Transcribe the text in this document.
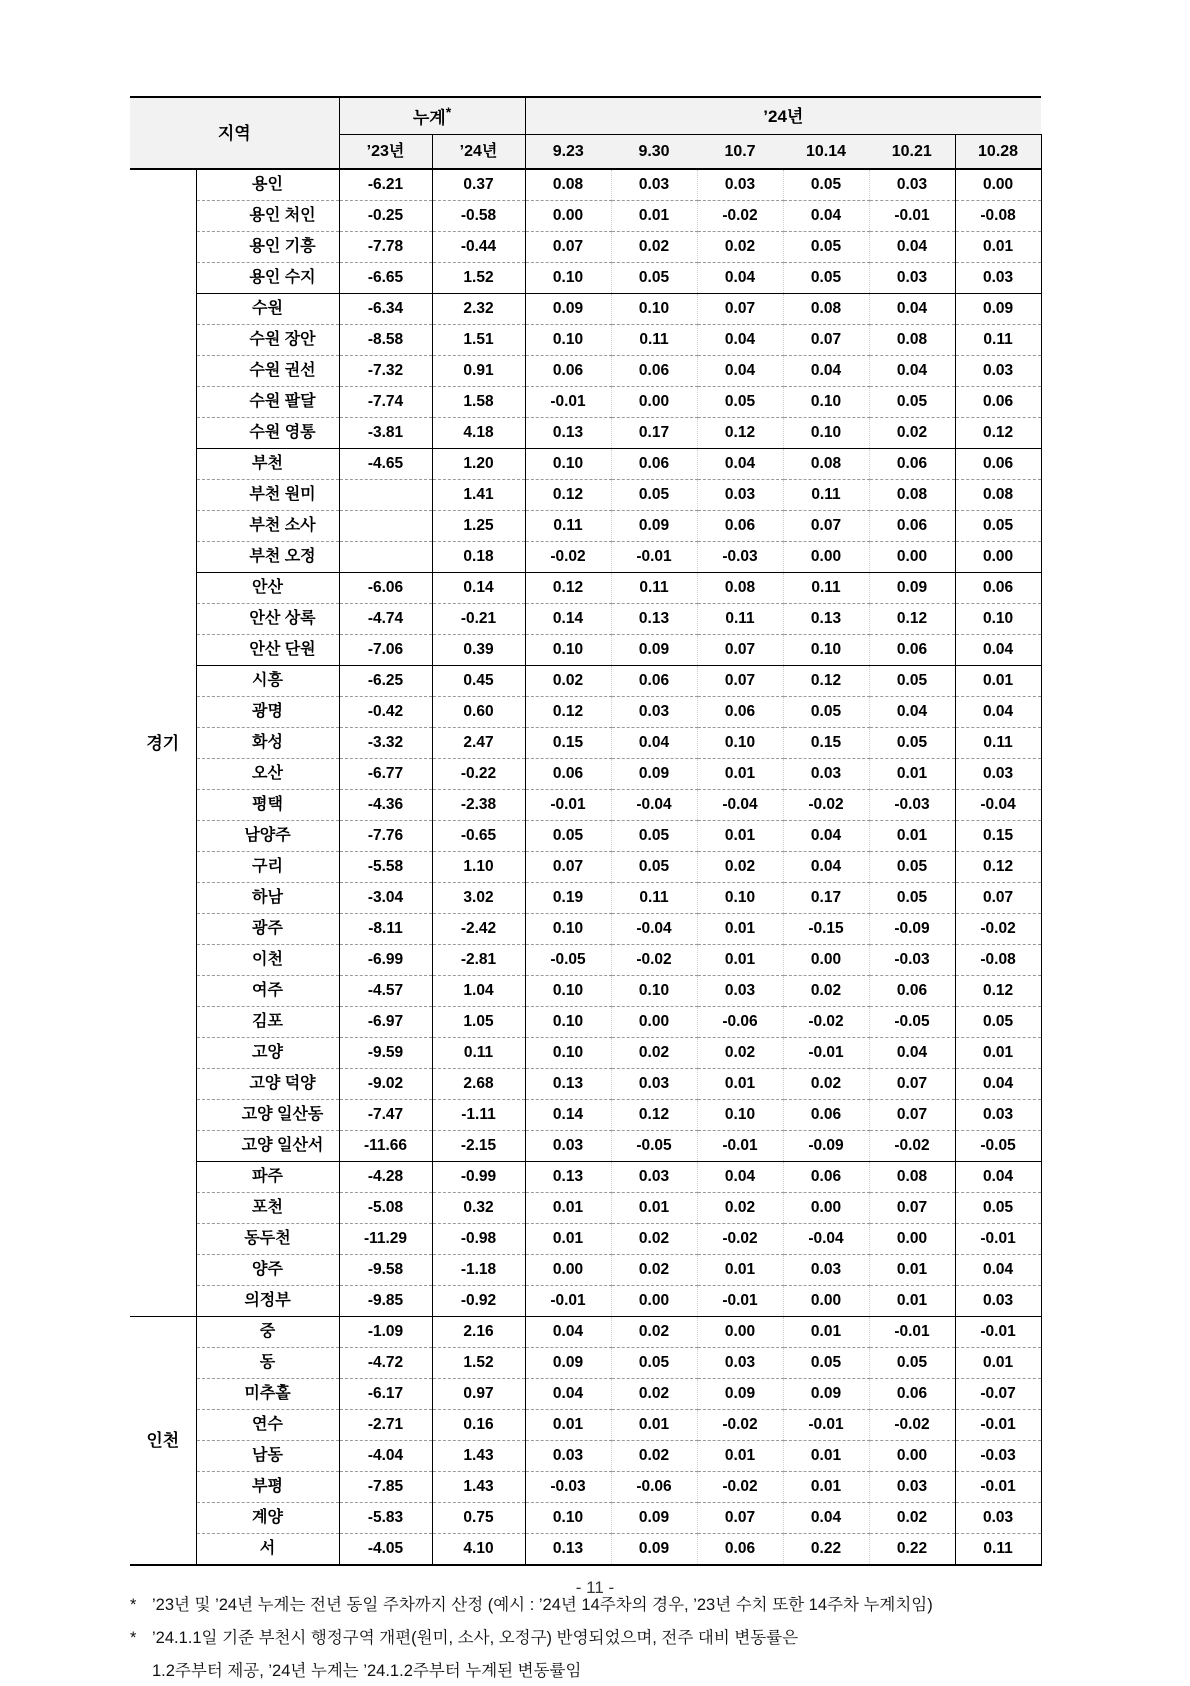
지역		누계*		’24년					
		’23년	’24년	9.23	9.30	10.7	10.14	10.21	10.28
경기	용인	-6.21	0.37	0.08	0.03	0.03	0.05	0.03	0.00
	용인 처인	-0.25	-0.58	0.00	0.01	-0.02	0.04	-0.01	-0.08
	용인 기흥	-7.78	-0.44	0.07	0.02	0.02	0.05	0.04	0.01
	용인 수지	-6.65	1.52	0.10	0.05	0.04	0.05	0.03	0.03
	수원	-6.34	2.32	0.09	0.10	0.07	0.08	0.04	0.09
	수원 장안	-8.58	1.51	0.10	0.11	0.04	0.07	0.08	0.11
	수원 권선	-7.32	0.91	0.06	0.06	0.04	0.04	0.04	0.03
	수원 팔달	-7.74	1.58	-0.01	0.00	0.05	0.10	0.05	0.06
	수원 영통	-3.81	4.18	0.13	0.17	0.12	0.10	0.02	0.12
	부천	-4.65	1.20	0.10	0.06	0.04	0.08	0.06	0.06
	부천 원미		1.41	0.12	0.05	0.03	0.11	0.08	0.08
	부천 소사		1.25	0.11	0.09	0.06	0.07	0.06	0.05
	부천 오정		0.18	-0.02	-0.01	-0.03	0.00	0.00	0.00
	안산	-6.06	0.14	0.12	0.11	0.08	0.11	0.09	0.06
	안산 상록	-4.74	-0.21	0.14	0.13	0.11	0.13	0.12	0.10
	안산 단원	-7.06	0.39	0.10	0.09	0.07	0.10	0.06	0.04
	시흥	-6.25	0.45	0.02	0.06	0.07	0.12	0.05	0.01
	광명	-0.42	0.60	0.12	0.03	0.06	0.05	0.04	0.04
	화성	-3.32	2.47	0.15	0.04	0.10	0.15	0.05	0.11
	오산	-6.77	-0.22	0.06	0.09	0.01	0.03	0.01	0.03
	평택	-4.36	-2.38	-0.01	-0.04	-0.04	-0.02	-0.03	-0.04
	남양주	-7.76	-0.65	0.05	0.05	0.01	0.04	0.01	0.15
	구리	-5.58	1.10	0.07	0.05	0.02	0.04	0.05	0.12
	하남	-3.04	3.02	0.19	0.11	0.10	0.17	0.05	0.07
	광주	-8.11	-2.42	0.10	-0.04	0.01	-0.15	-0.09	-0.02
	이천	-6.99	-2.81	-0.05	-0.02	0.01	0.00	-0.03	-0.08
	여주	-4.57	1.04	0.10	0.10	0.03	0.02	0.06	0.12
	김포	-6.97	1.05	0.10	0.00	-0.06	-0.02	-0.05	0.05
	고양	-9.59	0.11	0.10	0.02	0.02	-0.01	0.04	0.01
	고양 덕양	-9.02	2.68	0.13	0.03	0.01	0.02	0.07	0.04
	고양 일산동	-7.47	-1.11	0.14	0.12	0.10	0.06	0.07	0.03
	고양 일산서	-11.66	-2.15	0.03	-0.05	-0.01	-0.09	-0.02	-0.05
	파주	-4.28	-0.99	0.13	0.03	0.04	0.06	0.08	0.04
	포천	-5.08	0.32	0.01	0.01	0.02	0.00	0.07	0.05
	동두천	-11.29	-0.98	0.01	0.02	-0.02	-0.04	0.00	-0.01
	양주	-9.58	-1.18	0.00	0.02	0.01	0.03	0.01	0.04
	의정부	-9.85	-0.92	-0.01	0.00	-0.01	0.00	0.01	0.03
인천	중	-1.09	2.16	0.04	0.02	0.00	0.01	-0.01	-0.01
	동	-4.72	1.52	0.09	0.05	0.03	0.05	0.05	0.01
	미추홀	-6.17	0.97	0.04	0.02	0.09	0.09	0.06	-0.07
	연수	-2.71	0.16	0.01	0.01	-0.02	-0.01	-0.02	-0.01
	남동	-4.04	1.43	0.03	0.02	0.01	0.01	0.00	-0.03
	부평	-7.85	1.43	-0.03	-0.06	-0.02	0.01	0.03	-0.01
	계양	-5.83	0.75	0.10	0.09	0.07	0.04	0.02	0.03
	서	-4.05	4.10	0.13	0.09	0.06	0.22	0.22	0.11
* ’23년 및 ’24년 누계는 전년 동일 주차까지 산정 (예시 : ’24년 14주차의 경우, ’23년 수치 또한 14주차 누계치임)
* ’24.1.1일 기준 부천시 행정구역 개편(원미, 소사, 오정구) 반영되었으며, 전주 대비 변동률은
1.2주부터 제공, ’24년 누계는 ’24.1.2주부터 누계된 변동률임
- 11 -
